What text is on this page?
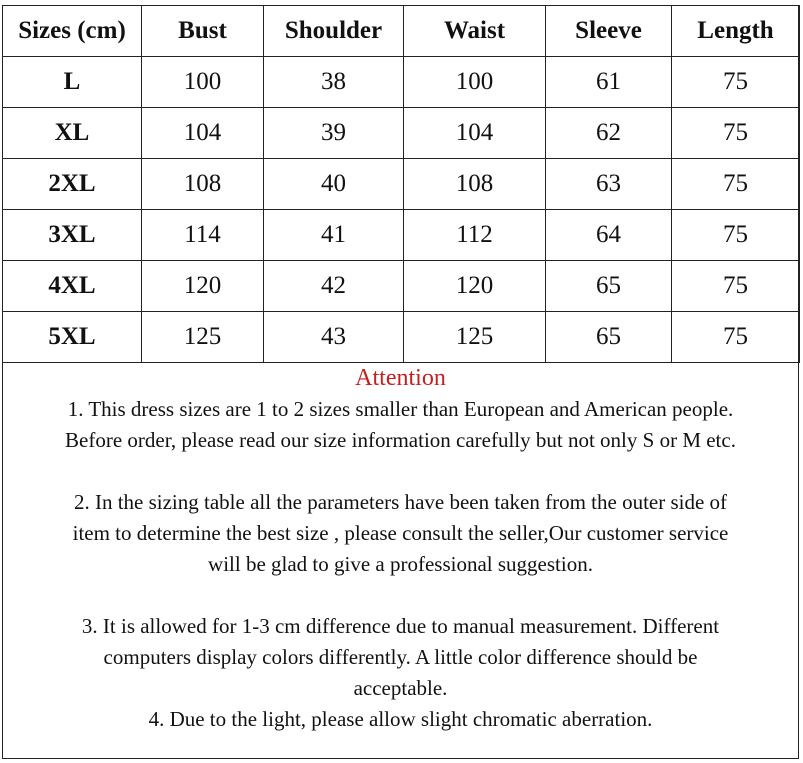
Sizes (cm)	Bust	Shoulder	Waist	Sleeve	Length
L	100	38	100	61	75
XL	104	39	104	62	75
2XL	108	40	108	63	75
3XL	114	41	112	64	75
4XL	120	42	120	65	75
5XL	125	43	125	65	75

Attention

1. This dress sizes are 1 to 2 sizes smaller than European and American people.

Before order, please read our size information carefully but not only S or M etc.

2. In the sizing table all the parameters have been taken from the outer side of

item to determine the best size , please consult the seller,Our customer service

will be glad to give a professional suggestion.

3. It is allowed for 1-3 cm difference due to manual measurement. Different

computers display colors differently. A little color difference should be

acceptable.

4. Due to the light, please allow slight chromatic aberration.
